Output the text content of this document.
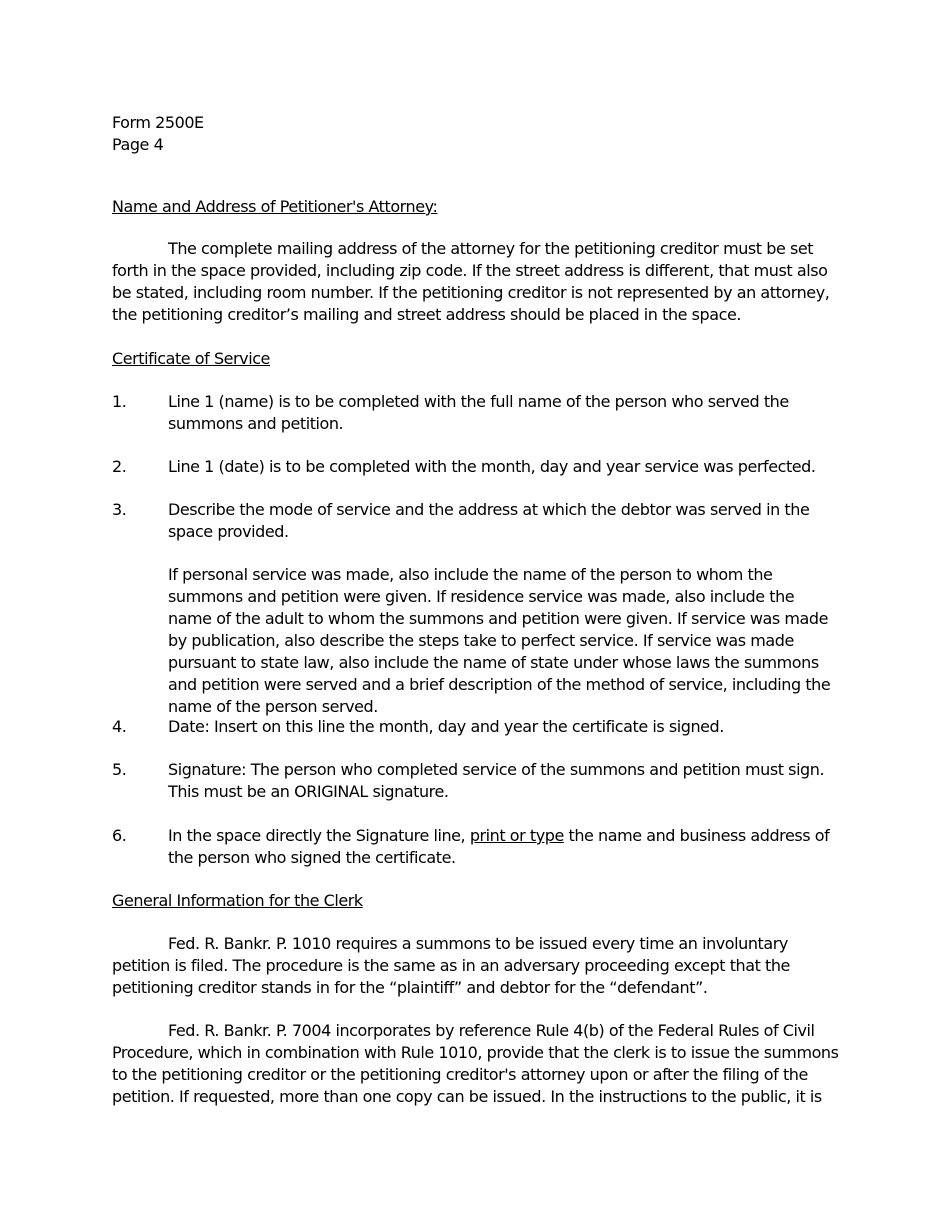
Form 2500E
Page 4
Name and Address of Petitioner's Attorney:
The complete mailing address of the attorney for the petitioning creditor must be set forth in the space provided, including zip code. If the street address is different, that must also be stated, including room number. If the petitioning creditor is not represented by an attorney, the petitioning creditor’s mailing and street address should be placed in the space.
Certificate of Service
1.	Line 1 (name) is to be completed with the full name of the person who served the summons and petition.
2.	Line 1 (date) is to be completed with the month, day and year service was perfected.
3.	Describe the mode of service and the address at which the debtor was served in the space provided.
If personal service was made, also include the name of the person to whom the summons and petition were given. If residence service was made, also include the name of the adult to whom the summons and petition were given. If service was made by publication, also describe the steps take to perfect service. If service was made pursuant to state law, also include the name of state under whose laws the summons and petition were served and a brief description of the method of service, including the name of the person served.
4.	Date: Insert on this line the month, day and year the certificate is signed.
5.	Signature: The person who completed service of the summons and petition must sign. This must be an ORIGINAL signature.
6.	In the space directly the Signature line, print or type the name and business address of the person who signed the certificate.
General Information for the Clerk
Fed. R. Bankr. P. 1010 requires a summons to be issued every time an involuntary petition is filed. The procedure is the same as in an adversary proceeding except that the petitioning creditor stands in for the “plaintiff” and debtor for the “defendant”.
Fed. R. Bankr. P. 7004 incorporates by reference Rule 4(b) of the Federal Rules of Civil Procedure, which in combination with Rule 1010, provide that the clerk is to issue the summons to the petitioning creditor or the petitioning creditor's attorney upon or after the filing of the petition. If requested, more than one copy can be issued. In the instructions to the public, it is
